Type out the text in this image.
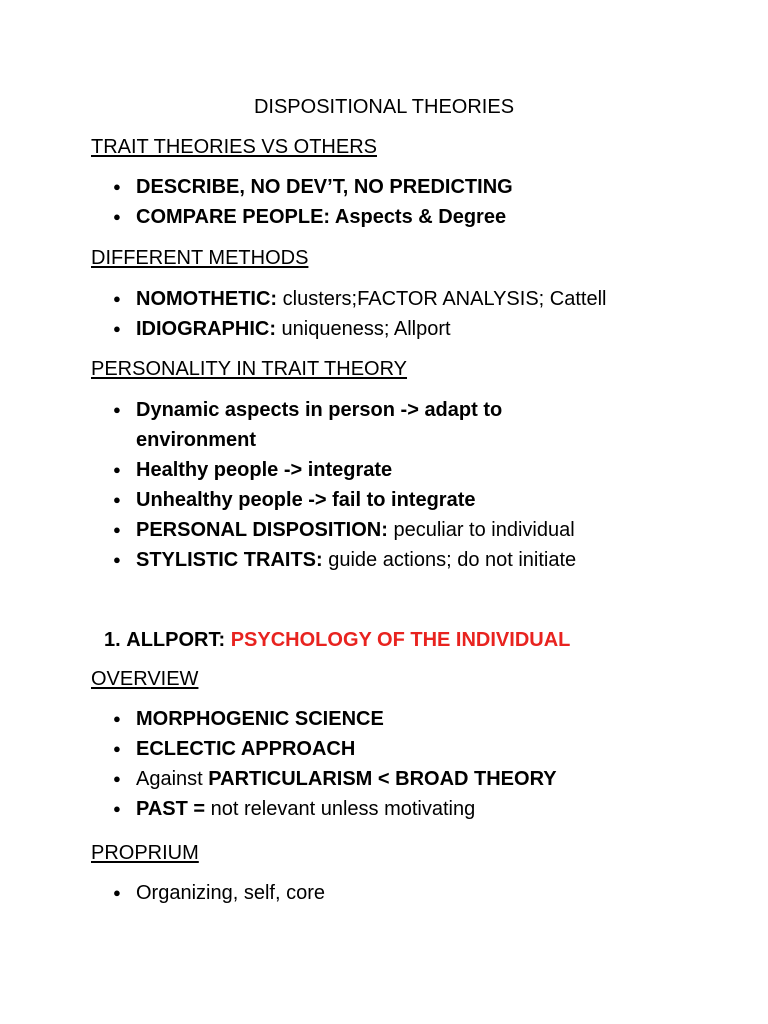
DISPOSITIONAL THEORIES
TRAIT THEORIES VS OTHERS
● DESCRIBE, NO DEV’T, NO PREDICTING
● COMPARE PEOPLE: Aspects & Degree
DIFFERENT METHODS
● NOMOTHETIC: clusters;FACTOR ANALYSIS; Cattell
● IDIOGRAPHIC: uniqueness; Allport
PERSONALITY IN TRAIT THEORY
● Dynamic aspects in person -> adapt to
environment
● Healthy people -> integrate
● Unhealthy people -> fail to integrate
● PERSONAL DISPOSITION: peculiar to individual
● STYLISTIC TRAITS: guide actions; do not initiate
1. ALLPORT: PSYCHOLOGY OF THE INDIVIDUAL
OVERVIEW
● MORPHOGENIC SCIENCE
● ECLECTIC APPROACH
● Against PARTICULARISM < BROAD THEORY
● PAST = not relevant unless motivating
PROPRIUM
● Organizing, self, core
